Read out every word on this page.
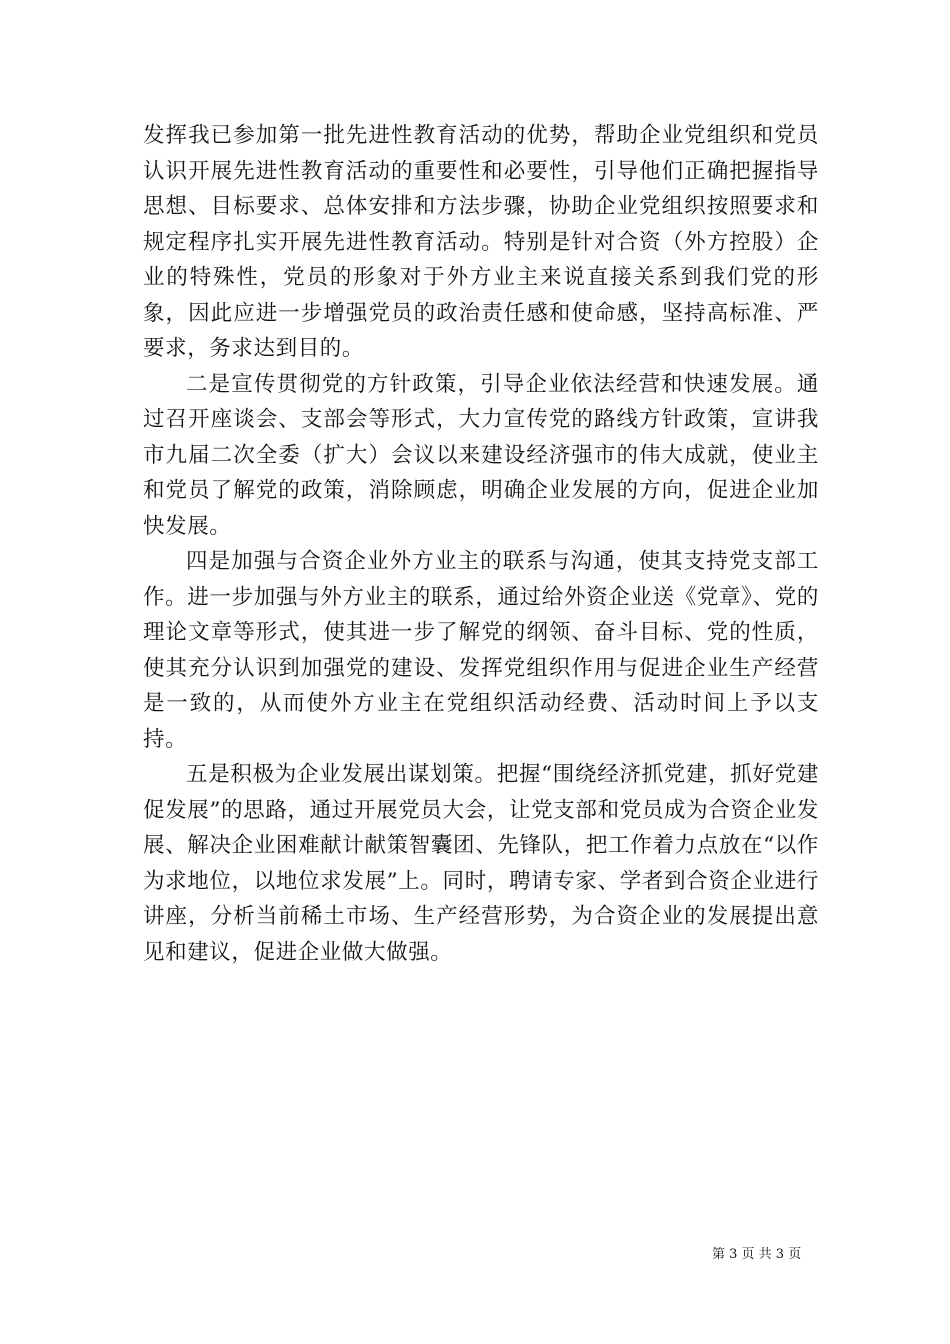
发挥我已参加第一批先进性教育活动的优势，帮助企业党组织和党员认识开展先进性教育活动的重要性和必要性，引导他们正确把握指导思想、目标要求、总体安排和方法步骤，协助企业党组织按照要求和规定程序扎实开展先进性教育活动。特别是针对合资（外方控股）企业的特殊性，党员的形象对于外方业主来说直接关系到我们党的形象，因此应进一步增强党员的政治责任感和使命感，坚持高标准、严要求，务求达到目的。

二是宣传贯彻党的方针政策，引导企业依法经营和快速发展。通过召开座谈会、支部会等形式，大力宣传党的路线方针政策，宣讲我市九届二次全委（扩大）会议以来建设经济强市的伟大成就，使业主和党员了解党的政策，消除顾虑，明确企业发展的方向，促进企业加快发展。

四是加强与合资企业外方业主的联系与沟通，使其支持党支部工作。进一步加强与外方业主的联系，通过给外资企业送《党章》、党的理论文章等形式，使其进一步了解党的纲领、奋斗目标、党的性质，使其充分认识到加强党的建设、发挥党组织作用与促进企业生产经营是一致的，从而使外方业主在党组织活动经费、活动时间上予以支持。

五是积极为企业发展出谋划策。把握“围绕经济抓党建，抓好党建促发展”的思路，通过开展党员大会，让党支部和党员成为合资企业发展、解决企业困难献计献策智囊团、先锋队，把工作着力点放在“以作为求地位，以地位求发展”上。同时，聘请专家、学者到合资企业进行讲座，分析当前稀土市场、生产经营形势，为合资企业的发展提出意见和建议，促进企业做大做强。

第 3 页 共 3 页
